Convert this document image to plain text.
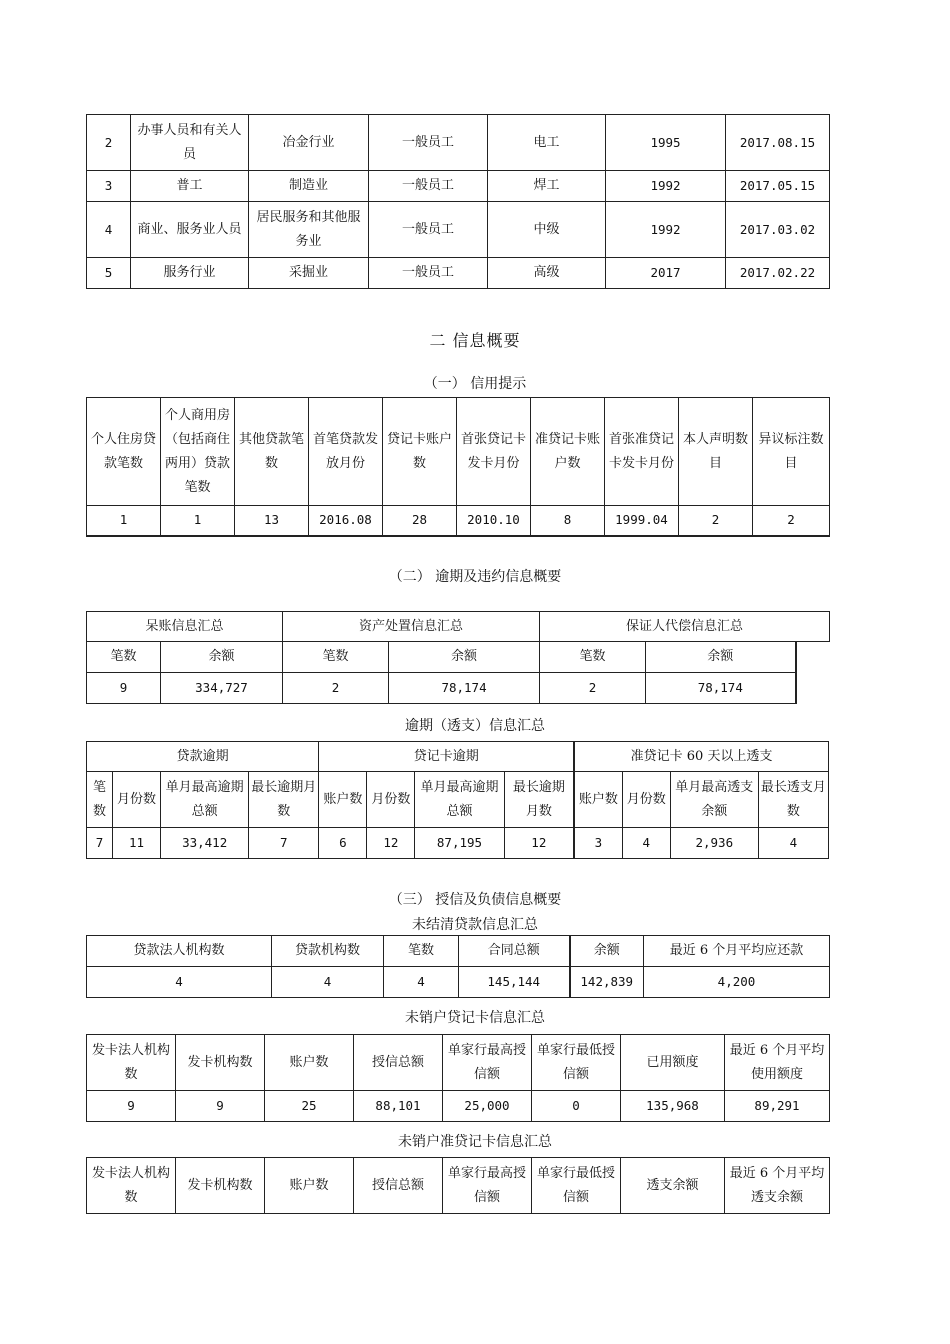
2	办事人员和有关人员	冶金行业	一般员工	电工	1995	2017.08.15
3	普工	制造业	一般员工	焊工	1992	2017.05.15
4	商业、服务业人员	居民服务和其他服务业	一般员工	中级	1992	2017.03.02
5	服务行业	采掘业	一般员工	高级	2017	2017.02.22
二 信息概要
（一） 信用提示
个人住房贷款笔数	个人商用房（包括商住两用）贷款笔数	其他贷款笔数	首笔贷款发放月份	贷记卡账户数	首张贷记卡发卡月份	准贷记卡账户数	首张准贷记卡发卡月份	本人声明数目	异议标注数目
1	1	13	2016.08	28	2010.10	8	1999.04	2	2
（二） 逾期及违约信息概要
呆账信息汇总		资产处置信息汇总		保证人代偿信息汇总		
笔数	余额	笔数	余额	笔数	余额	
9	334,727	2	78,174	2	78,174	
逾期（透支）信息汇总
贷款逾期				贷记卡逾期				准贷记卡 60 天以上透支			
笔数	月份数	单月最高逾期总额	最长逾期月数	账户数	月份数	单月最高逾期总额	最长逾期月数	账户数	月份数	单月最高透支余额	最长透支月数
7	11	33,412	7	6	12	87,195	12	3	4	2,936	4
（三） 授信及负债信息概要
未结清贷款信息汇总
贷款法人机构数	贷款机构数	笔数	合同总额	余额	最近 6 个月平均应还款
4	4	4	145,144	142,839	4,200
未销户贷记卡信息汇总
发卡法人机构数	发卡机构数	账户数	授信总额	单家行最高授信额	单家行最低授信额	已用额度	最近 6 个月平均使用额度
9	9	25	88,101	25,000	0	135,968	89,291
未销户准贷记卡信息汇总
发卡法人机构数	发卡机构数	账户数	授信总额	单家行最高授信额	单家行最低授信额	透支余额	最近 6 个月平均透支余额
